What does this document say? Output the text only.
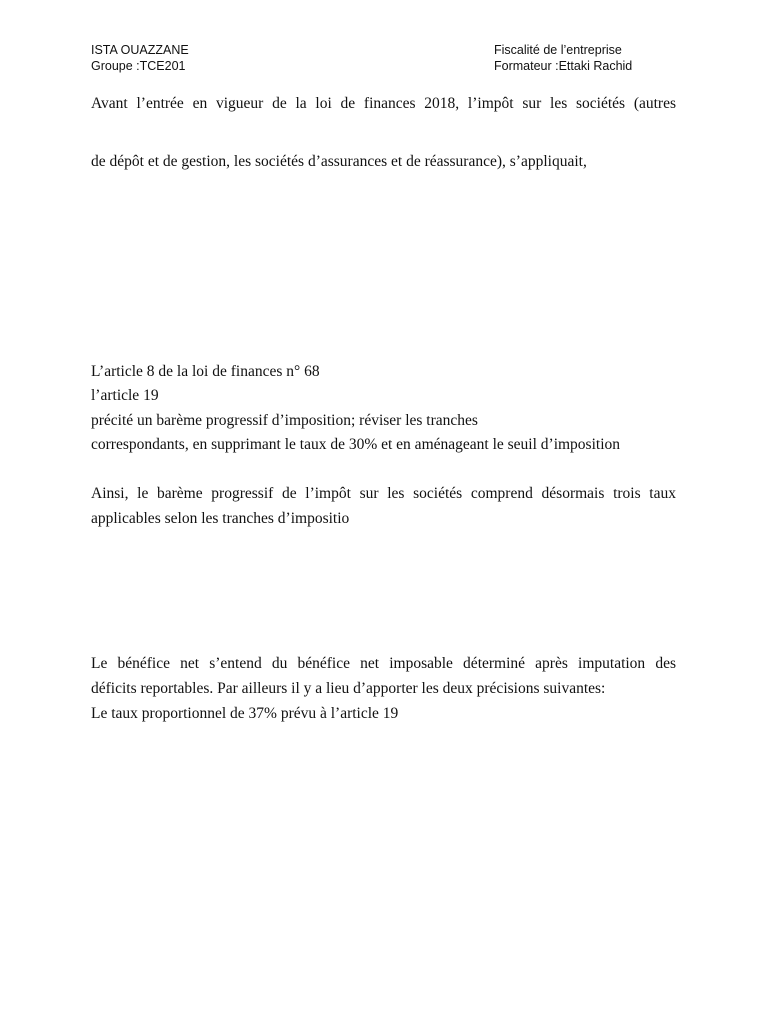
ISTA OUAZZANE
Groupe :TCE201
Fiscalité de l’entreprise
Formateur :Ettaki Rachid
Avant l’entrée en vigueur de la loi de finances 2018, l’impôt sur les sociétés (autres
de dépôt et de gestion, les sociétés d’assurances et de réassurance), s’appliquait,
L’article 8 de la loi de finances n° 68
l’article 19
précité un barème progressif d’imposition; réviser les tranches
correspondants, en supprimant le taux de 30% et en aménageant le seuil d’imposition
Ainsi, le barème progressif de l’impôt sur les sociétés comprend désormais trois taux
applicables selon les tranches d’impositio
Le bénéfice net s’entend du bénéfice net imposable déterminé après imputation des
déficits reportables. Par ailleurs il y a lieu d’apporter les deux précisions suivantes:
Le taux proportionnel de 37% prévu à l’article 19
